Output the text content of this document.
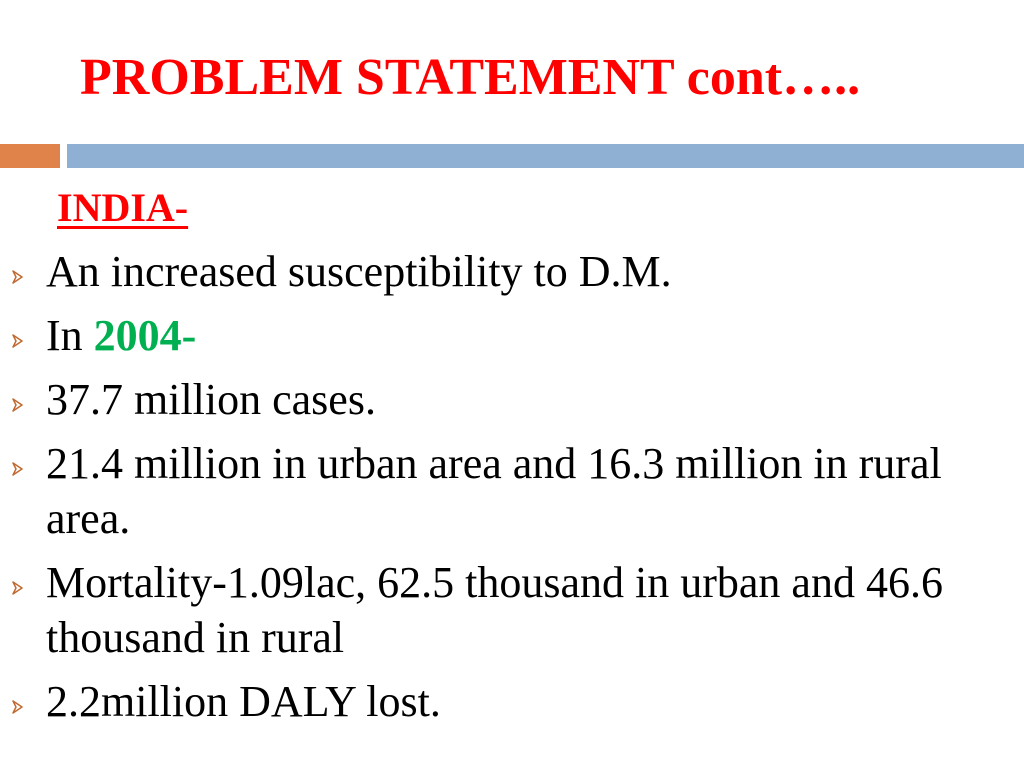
PROBLEM STATEMENT cont…..
INDIA-
An increased susceptibility to D.M.
In 2004-
37.7 million cases.
21.4 million in urban area and 16.3 million in rural area.
Mortality-1.09lac, 62.5 thousand in urban and 46.6 thousand in rural
2.2million DALY lost.
